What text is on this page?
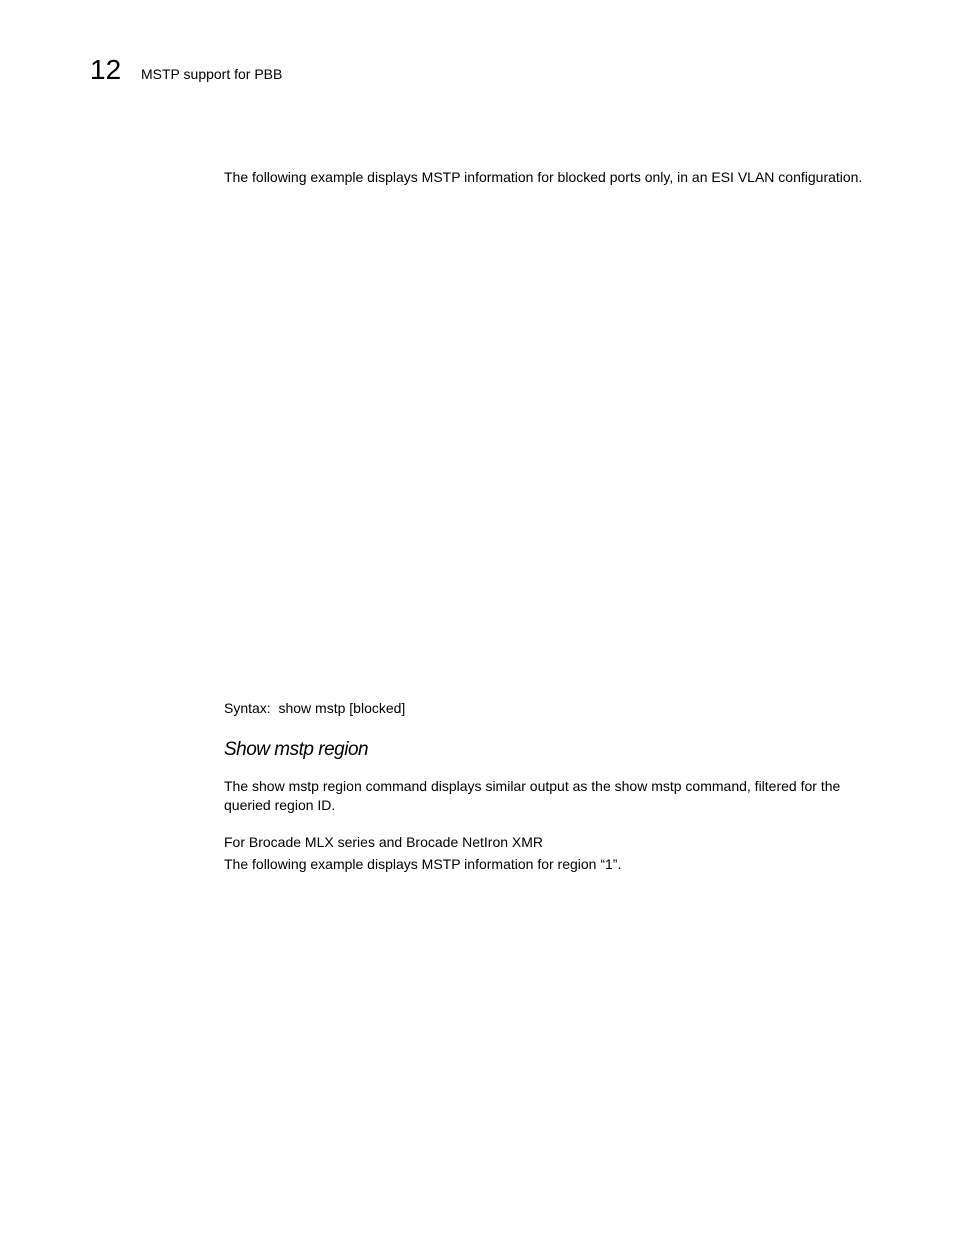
12 MSTP support for PBB

The following example displays MSTP information for blocked ports only, in an ESI VLAN configuration.

Syntax: show mstp [blocked]
Show mstp region

The show mstp region command displays similar output as the show mstp command, filtered for the queried region ID.

For Brocade MLX series and Brocade NetIron XMR

The following example displays MSTP information for region “1”.
